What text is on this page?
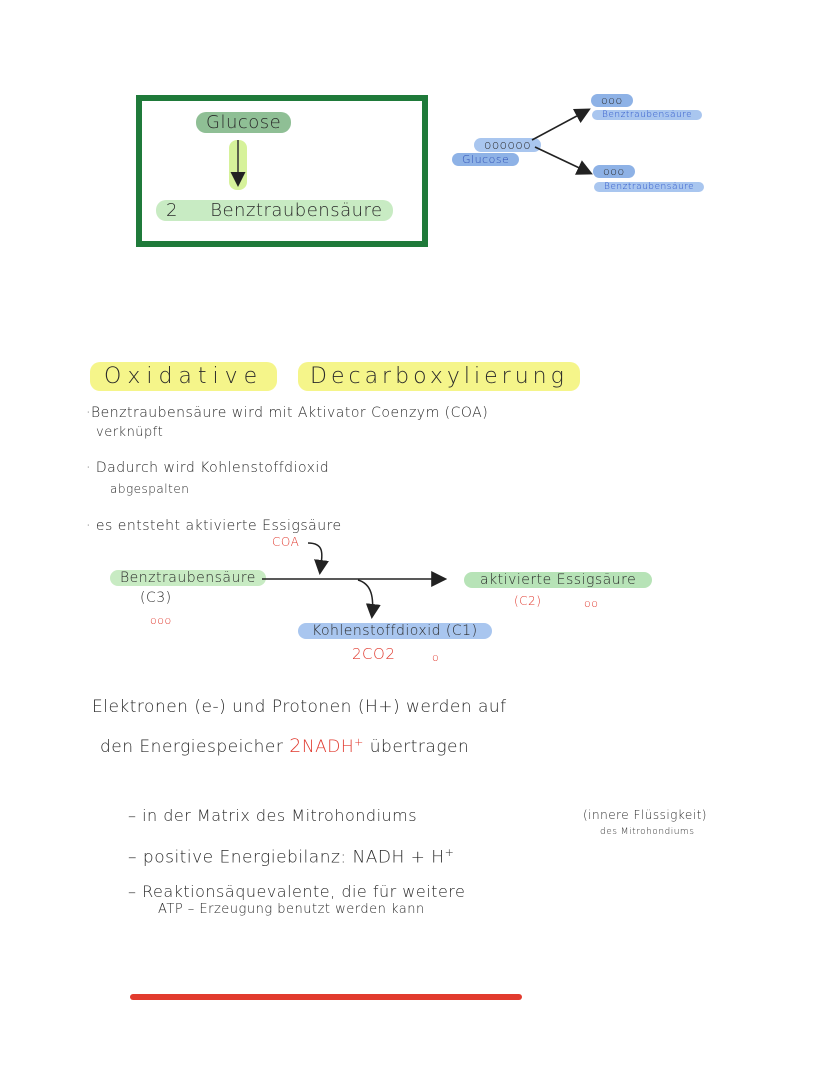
Glucose
2 Benztraubensäure
oooooo
Glucose
ooo
Benztraubensäure
ooo
Benztraubensäure
Oxidative	Decarboxylierung
·Benztraubensäure wird mit Aktivator Coenzym (COA)
verknüpft
· Dadurch wird Kohlenstoffdioxid
abgespalten
· es entsteht aktivierte Essigsäure
COA
Benztraubensäure
(C3)
ooo
aktivierte Essigsäure
(C2)	oo
Kohlenstoffdioxid (C1)
2CO2	o
Elektronen (e-) und Protonen (H+) werden auf
den Energiespeicher 2NADH+ übertragen
– in der Matrix des Mitrohondiums	(innere Flüssigkeit)
des Mitrohondiums
– positive Energiebilanz: NADH + H+
– Reaktionsäquevalente, die für weitere
ATP – Erzeugung benutzt werden kann
